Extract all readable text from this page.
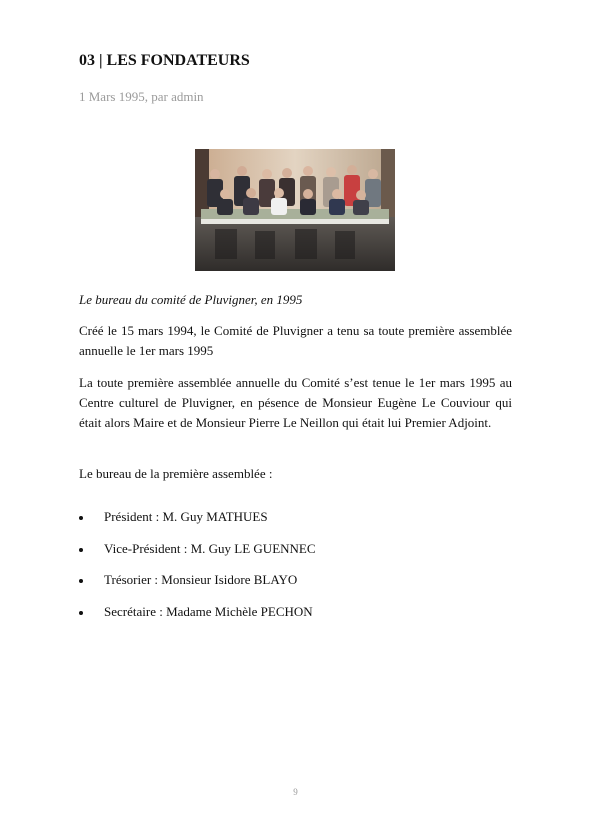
03 | LES FONDATEURS
1 Mars 1995, par admin
Le bureau du comité de Pluvigner, en 1995

Créé le 15 mars 1994, le Comité de Pluvigner a tenu sa toute première assemblée annuelle le 1er mars 1995

La toute première assemblée annuelle du Comité s’est tenue le 1er mars 1995 au Centre culturel de Pluvigner, en pésence de Monsieur Eugène Le Couviour qui était alors Maire et de Monsieur Pierre Le Neillon qui était lui Premier Adjoint.

Le bureau de la première assemblée :

Président : M. Guy MATHUES
Vice-Président : M. Guy LE GUENNEC
Trésorier : Monsieur Isidore BLAYO
Secrétaire : Madame Michèle PECHON
9
